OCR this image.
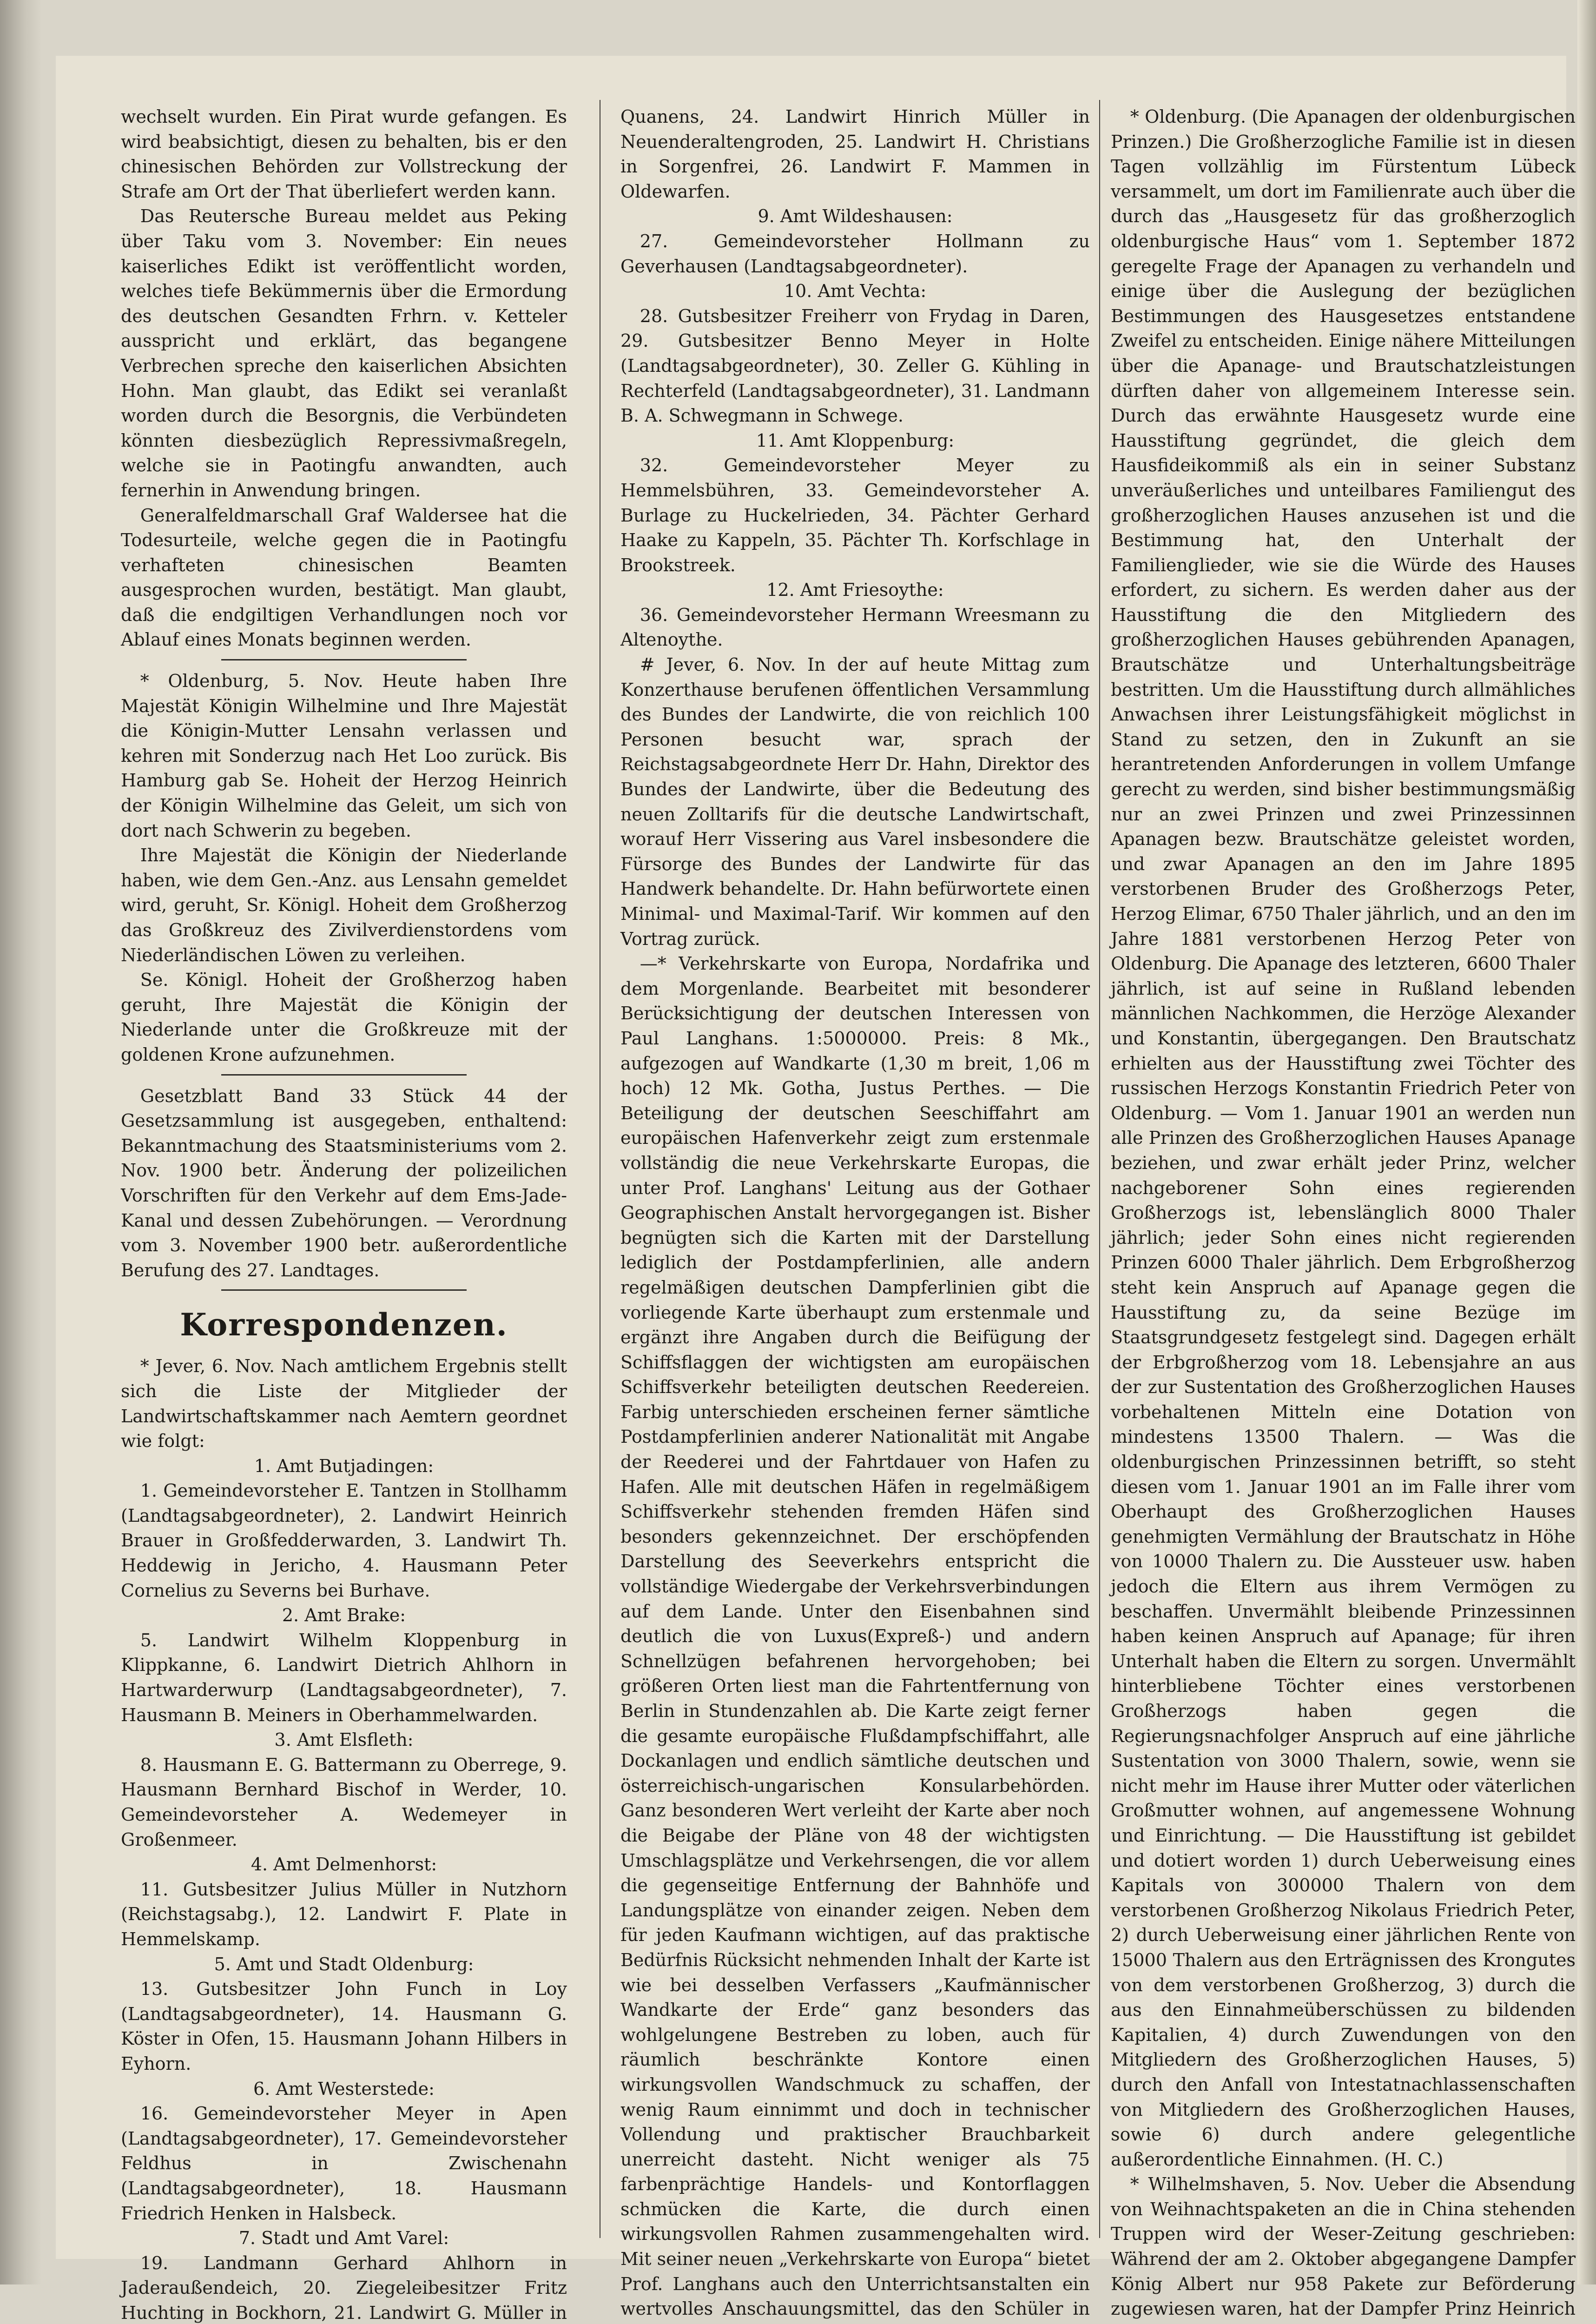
wechselt wurden. Ein Pirat wurde gefangen. Es wird beabsichtigt, diesen zu behalten, bis er den chinesischen Behörden zur Vollstreckung der Strafe am Ort der That überliefert werden kann.

Das Reutersche Bureau meldet aus Peking über Taku vom 3. November: Ein neues kaiserliches Edikt ist veröffentlicht worden, welches tiefe Bekümmernis über die Ermordung des deutschen Gesandten Frhrn. v. Ketteler ausspricht und erklärt, das begangene Verbrechen spreche den kaiserlichen Absichten Hohn. Man glaubt, das Edikt sei veranlaßt worden durch die Besorgnis, die Verbündeten könnten diesbezüglich Repressivmaßregeln, welche sie in Paotingfu anwandten, auch fernerhin in Anwendung bringen.

Generalfeldmarschall Graf Waldersee hat die Todesurteile, welche gegen die in Paotingfu verhafteten chinesischen Beamten ausgesprochen wurden, bestätigt. Man glaubt, daß die endgiltigen Verhandlungen noch vor Ablauf eines Monats beginnen werden.

* Oldenburg, 5. Nov. Heute haben Ihre Majestät Königin Wilhelmine und Ihre Majestät die Königin-Mutter Lensahn verlassen und kehren mit Sonderzug nach Het Loo zurück. Bis Hamburg gab Se. Hoheit der Herzog Heinrich der Königin Wilhelmine das Geleit, um sich von dort nach Schwerin zu begeben.

Ihre Majestät die Königin der Niederlande haben, wie dem Gen.-Anz. aus Lensahn gemeldet wird, geruht, Sr. Königl. Hoheit dem Großherzog das Großkreuz des Zivilverdienstordens vom Niederländischen Löwen zu verleihen.

Se. Königl. Hoheit der Großherzog haben geruht, Ihre Majestät die Königin der Niederlande unter die Großkreuze mit der goldenen Krone aufzunehmen.

Gesetzblatt Band 33 Stück 44 der Gesetzsammlung ist ausgegeben, enthaltend: Bekanntmachung des Staatsministeriums vom 2. Nov. 1900 betr. Änderung der polizeilichen Vorschriften für den Verkehr auf dem Ems-Jade-Kanal und dessen Zubehörungen. — Verordnung vom 3. November 1900 betr. außerordentliche Berufung des 27. Landtages.

Korrespondenzen.

* Jever, 6. Nov. Nach amtlichem Ergebnis stellt sich die Liste der Mitglieder der Landwirtschaftskammer nach Aemtern geordnet wie folgt:

1. Amt Butjadingen:

1. Gemeindevorsteher E. Tantzen in Stollhamm (Landtagsabgeordneter), 2. Landwirt Heinrich Brauer in Großfedderwarden, 3. Landwirt Th. Heddewig in Jericho, 4. Hausmann Peter Cornelius zu Severns bei Burhave.

2. Amt Brake:

5. Landwirt Wilhelm Kloppenburg in Klippkanne, 6. Landwirt Dietrich Ahlhorn in Hartwarderwurp (Landtagsabgeordneter), 7. Hausmann B. Meiners in Oberhammelwarden.

3. Amt Elsfleth:

8. Hausmann E. G. Battermann zu Oberrege, 9. Hausmann Bernhard Bischof in Werder, 10. Gemeindevorsteher A. Wedemeyer in Großenmeer.

4. Amt Delmenhorst:

11. Gutsbesitzer Julius Müller in Nutzhorn (Reichstagsabg.), 12. Landwirt F. Plate in Hemmelskamp.

5. Amt und Stadt Oldenburg:

13. Gutsbesitzer John Funch in Loy (Landtagsabgeordneter), 14. Hausmann G. Köster in Ofen, 15. Hausmann Johann Hilbers in Eyhorn.

6. Amt Westerstede:

16. Gemeindevorsteher Meyer in Apen (Landtagsabgeordneter), 17. Gemeindevorsteher Feldhus in Zwischenahn (Landtagsabgeordneter), 18. Hausmann Friedrich Henken in Halsbeck.

7. Stadt und Amt Varel:

19. Landmann Gerhard Ahlhorn in Jaderaußendeich, 20. Ziegeleibesitzer Fritz Huchting in Bockhorn, 21. Landwirt G. Müller in

Quanens, 24. Landwirt Hinrich Müller in Neuenderaltengroden, 25. Landwirt H. Christians in Sorgenfrei, 26. Landwirt F. Mammen in Oldewarfen.

9. Amt Wildeshausen:

27. Gemeindevorsteher Hollmann zu Geverhausen (Landtagsabgeordneter).

10. Amt Vechta:

28. Gutsbesitzer Freiherr von Frydag in Daren, 29. Gutsbesitzer Benno Meyer in Holte (Landtagsabgeordneter), 30. Zeller G. Kühling in Rechterfeld (Landtagsabgeordneter), 31. Landmann B. A. Schwegmann in Schwege.

11. Amt Kloppenburg:

32. Gemeindevorsteher Meyer zu Hemmelsbühren, 33. Gemeindevorsteher A. Burlage zu Huckelrieden, 34. Pächter Gerhard Haake zu Kappeln, 35. Pächter Th. Korfschlage in Brookstreek.

12. Amt Friesoythe:

36. Gemeindevorsteher Hermann Wreesmann zu Altenoythe.

# Jever, 6. Nov. In der auf heute Mittag zum Konzerthause berufenen öffentlichen Versammlung des Bundes der Landwirte, die von reichlich 100 Personen besucht war, sprach der Reichstagsabgeordnete Herr Dr. Hahn, Direktor des Bundes der Landwirte, über die Bedeutung des neuen Zolltarifs für die deutsche Landwirtschaft, worauf Herr Vissering aus Varel insbesondere die Fürsorge des Bundes der Landwirte für das Handwerk behandelte. Dr. Hahn befürwortete einen Minimal- und Maximal-Tarif. Wir kommen auf den Vortrag zurück.

—* Verkehrskarte von Europa, Nordafrika und dem Morgenlande. Bearbeitet mit besonderer Berücksichtigung der deutschen Interessen von Paul Langhans. 1:5000000. Preis: 8 Mk., aufgezogen auf Wandkarte (1,30 m breit, 1,06 m hoch) 12 Mk. Gotha, Justus Perthes. — Die Beteiligung der deutschen Seeschiffahrt am europäischen Hafenverkehr zeigt zum erstenmale vollständig die neue Verkehrskarte Europas, die unter Prof. Langhans' Leitung aus der Gothaer Geographischen Anstalt hervorgegangen ist. Bisher begnügten sich die Karten mit der Darstellung lediglich der Postdampferlinien, alle andern regelmäßigen deutschen Dampferlinien gibt die vorliegende Karte überhaupt zum erstenmale und ergänzt ihre Angaben durch die Beifügung der Schiffsflaggen der wichtigsten am europäischen Schiffsverkehr beteiligten deutschen Reedereien. Farbig unterschieden erscheinen ferner sämtliche Postdampferlinien anderer Nationalität mit Angabe der Reederei und der Fahrtdauer von Hafen zu Hafen. Alle mit deutschen Häfen in regelmäßigem Schiffsverkehr stehenden fremden Häfen sind besonders gekennzeichnet. Der erschöpfenden Darstellung des Seeverkehrs entspricht die vollständige Wiedergabe der Verkehrsverbindungen auf dem Lande. Unter den Eisenbahnen sind deutlich die von Luxus(Expreß-) und andern Schnellzügen befahrenen hervorgehoben; bei größeren Orten liest man die Fahrtentfernung von Berlin in Stundenzahlen ab. Die Karte zeigt ferner die gesamte europäische Flußdampfschiffahrt, alle Dockanlagen und endlich sämtliche deutschen und österreichisch-ungarischen Konsularbehörden. Ganz besonderen Wert verleiht der Karte aber noch die Beigabe der Pläne von 48 der wichtigsten Umschlagsplätze und Verkehrsengen, die vor allem die gegenseitige Entfernung der Bahnhöfe und Landungsplätze von einander zeigen. Neben dem für jeden Kaufmann wichtigen, auf das praktische Bedürfnis Rücksicht nehmenden Inhalt der Karte ist wie bei desselben Verfassers „Kaufmännischer Wandkarte der Erde“ ganz besonders das wohlgelungene Bestreben zu loben, auch für räumlich beschränkte Kontore einen wirkungsvollen Wandschmuck zu schaffen, der wenig Raum einnimmt und doch in technischer Vollendung und praktischer Brauchbarkeit unerreicht dasteht. Nicht weniger als 75 farbenprächtige Handels- und Kontorflaggen schmücken die Karte, die durch einen wirkungsvollen Rahmen zusammengehalten wird. Mit seiner neuen „Verkehrskarte von Europa“ bietet Prof. Langhans auch den Unterrichtsanstalten ein wertvolles Anschauungsmittel, das den Schüler in

* Oldenburg. (Die Apanagen der oldenburgischen Prinzen.) Die Großherzogliche Familie ist in diesen Tagen vollzählig im Fürstentum Lübeck versammelt, um dort im Familienrate auch über die durch das „Hausgesetz für das großherzoglich oldenburgische Haus“ vom 1. September 1872 geregelte Frage der Apanagen zu verhandeln und einige über die Auslegung der bezüglichen Bestimmungen des Hausgesetzes entstandene Zweifel zu entscheiden. Einige nähere Mitteilungen über die Apanage- und Brautschatzleistungen dürften daher von allgemeinem Interesse sein. Durch das erwähnte Hausgesetz wurde eine Hausstiftung gegründet, die gleich dem Hausfideikommiß als ein in seiner Substanz unveräußerliches und unteilbares Familiengut des großherzoglichen Hauses anzusehen ist und die Bestimmung hat, den Unterhalt der Familienglieder, wie sie die Würde des Hauses erfordert, zu sichern. Es werden daher aus der Hausstiftung die den Mitgliedern des großherzoglichen Hauses gebührenden Apanagen, Brautschätze und Unterhaltungsbeiträge bestritten. Um die Hausstiftung durch allmähliches Anwachsen ihrer Leistungsfähigkeit möglichst in Stand zu setzen, den in Zukunft an sie herantretenden Anforderungen in vollem Umfange gerecht zu werden, sind bisher bestimmungsmäßig nur an zwei Prinzen und zwei Prinzessinnen Apanagen bezw. Brautschätze geleistet worden, und zwar Apanagen an den im Jahre 1895 verstorbenen Bruder des Großherzogs Peter, Herzog Elimar, 6750 Thaler jährlich, und an den im Jahre 1881 verstorbenen Herzog Peter von Oldenburg. Die Apanage des letzteren, 6600 Thaler jährlich, ist auf seine in Rußland lebenden männlichen Nachkommen, die Herzöge Alexander und Konstantin, übergegangen. Den Brautschatz erhielten aus der Hausstiftung zwei Töchter des russischen Herzogs Konstantin Friedrich Peter von Oldenburg. — Vom 1. Januar 1901 an werden nun alle Prinzen des Großherzoglichen Hauses Apanage beziehen, und zwar erhält jeder Prinz, welcher nachgeborener Sohn eines regierenden Großherzogs ist, lebenslänglich 8000 Thaler jährlich; jeder Sohn eines nicht regierenden Prinzen 6000 Thaler jährlich. Dem Erbgroßherzog steht kein Anspruch auf Apanage gegen die Hausstiftung zu, da seine Bezüge im Staatsgrundgesetz festgelegt sind. Dagegen erhält der Erbgroßherzog vom 18. Lebensjahre an aus der zur Sustentation des Großherzoglichen Hauses vorbehaltenen Mitteln eine Dotation von mindestens 13500 Thalern. — Was die oldenburgischen Prinzessinnen betrifft, so steht diesen vom 1. Januar 1901 an im Falle ihrer vom Oberhaupt des Großherzoglichen Hauses genehmigten Vermählung der Brautschatz in Höhe von 10000 Thalern zu. Die Aussteuer usw. haben jedoch die Eltern aus ihrem Vermögen zu beschaffen. Unvermählt bleibende Prinzessinnen haben keinen Anspruch auf Apanage; für ihren Unterhalt haben die Eltern zu sorgen. Unvermählt hinterbliebene Töchter eines verstorbenen Großherzogs haben gegen die Regierungsnachfolger Anspruch auf eine jährliche Sustentation von 3000 Thalern, sowie, wenn sie nicht mehr im Hause ihrer Mutter oder väterlichen Großmutter wohnen, auf angemessene Wohnung und Einrichtung. — Die Hausstiftung ist gebildet und dotiert worden 1) durch Ueberweisung eines Kapitals von 300000 Thalern von dem verstorbenen Großherzog Nikolaus Friedrich Peter, 2) durch Ueberweisung einer jährlichen Rente von 15000 Thalern aus den Erträgnissen des Krongutes von dem verstorbenen Großherzog, 3) durch die aus den Einnahmeüberschüssen zu bildenden Kapitalien, 4) durch Zuwendungen von den Mitgliedern des Großherzoglichen Hauses, 5) durch den Anfall von Intestatnachlassenschaften von Mitgliedern des Großherzoglichen Hauses, sowie 6) durch andere gelegentliche außerordentliche Einnahmen. (H. C.)

* Wilhelmshaven, 5. Nov. Ueber die Absendung von Weihnachtspaketen an die in China stehenden Truppen wird der Weser-Zeitung geschrieben: Während der am 2. Oktober abgegangene Dampfer König Albert nur 958 Pakete zur Beförderung zugewiesen waren, hat der Dampfer Prinz Heinrich
